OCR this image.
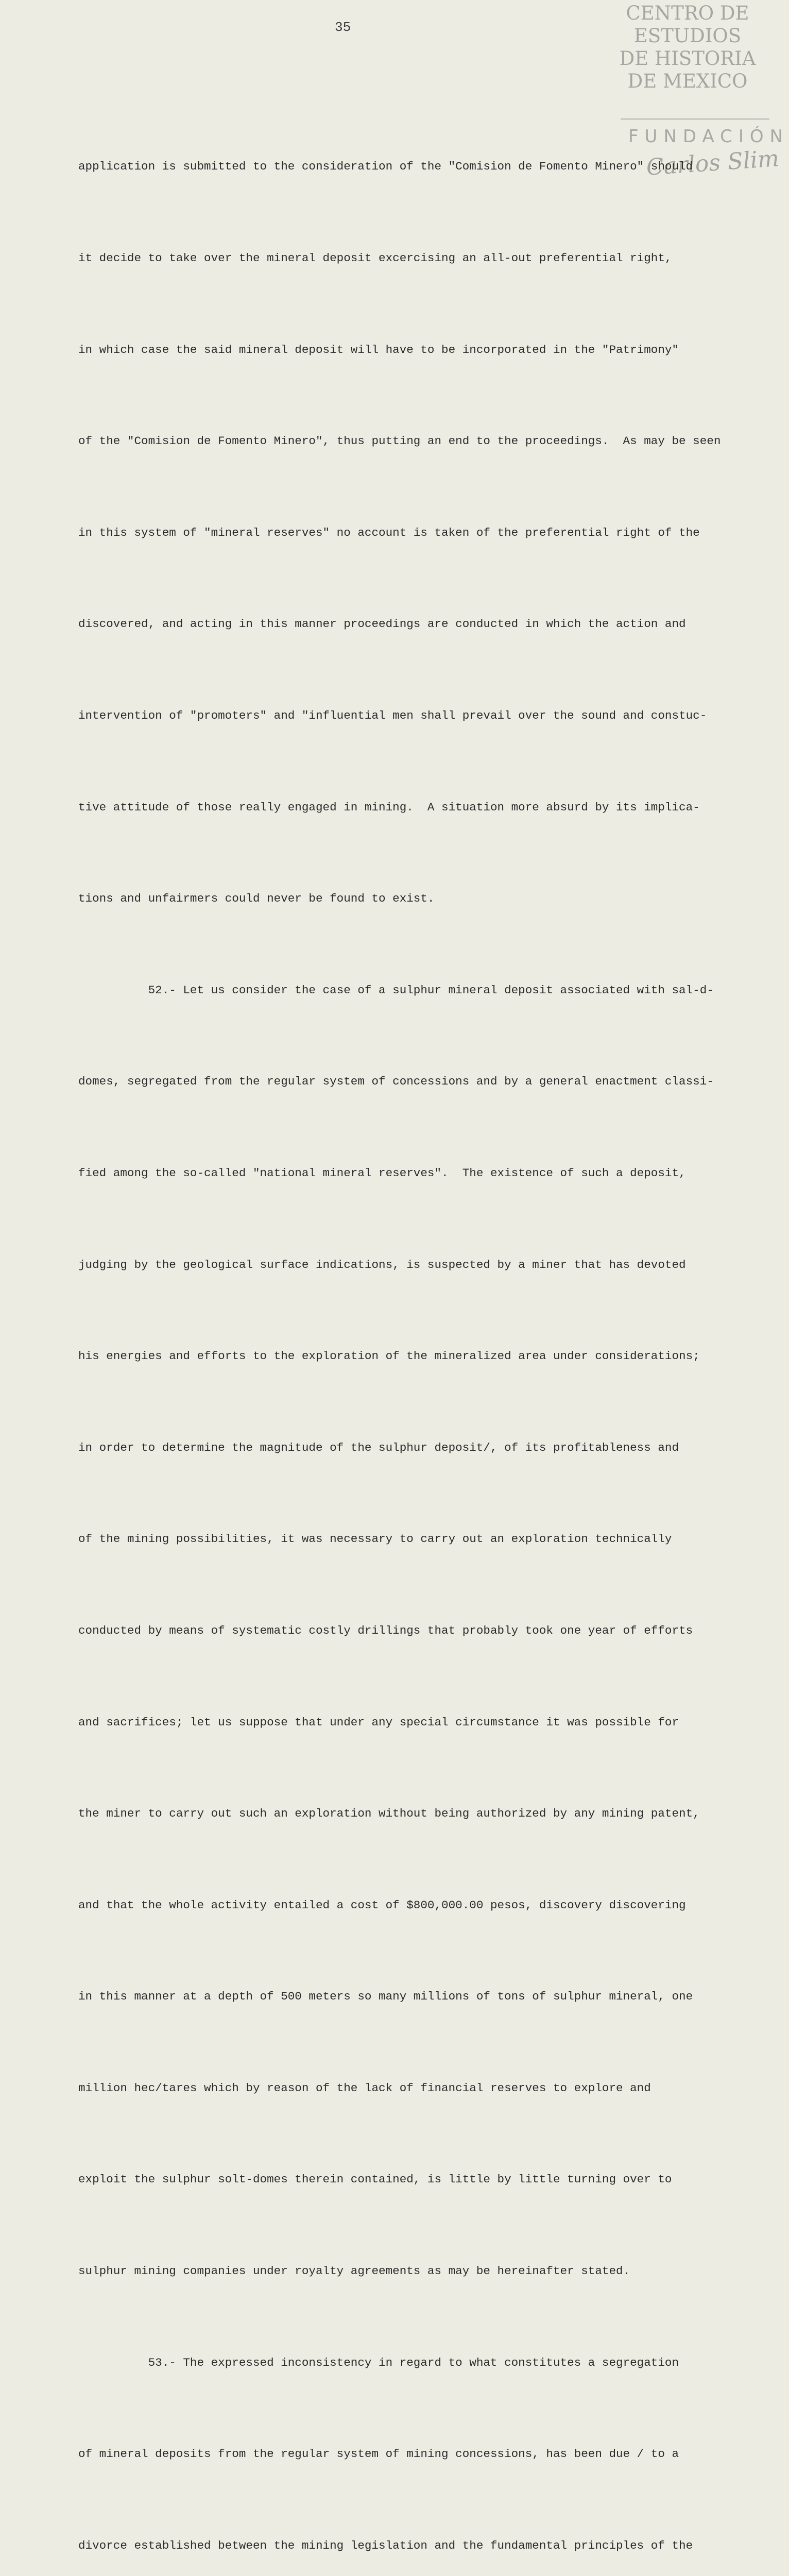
35
CENTRO DE
ESTUDIOS
DE HISTORIA
DE MEXICO
FUNDACIÓN
Carlos Slim

application is submitted to the consideration of the "Comision de Fomento Minero" should

it decide to take over the mineral deposit excercising an all-out preferential right,

in which case the said mineral deposit will have to be incorporated in the "Patrimony"

of the "Comision de Fomento Minero", thus putting an end to the proceedings.  As may be seen

in this system of "mineral reserves" no account is taken of the preferential right of the

discovered, and acting in this manner proceedings are conducted in which the action and

intervention of "promoters" and "influential men shall prevail over the sound and constuc-

tive attitude of those really engaged in mining.  A situation more absurd by its implica-

tions and unfairmers could never be found to exist.

52.- Let us consider the case of a sulphur mineral deposit associated with sal-d-

domes, segregated from the regular system of concessions and by a general enactment classi-

fied among the so-called "national mineral reserves".  The existence of such a deposit,

judging by the geological surface indications, is suspected by a miner that has devoted

his energies and efforts to the exploration of the mineralized area under considerations;

in order to determine the magnitude of the sulphur deposit/, of its profitableness and

of the mining possibilities, it was necessary to carry out an exploration technically

conducted by means of systematic costly drillings that probably took one year of efforts

and sacrifices; let us suppose that under any special circumstance it was possible for

the miner to carry out such an exploration without being authorized by any mining patent,

and that the whole activity entailed a cost of $800,000.00 pesos, discovery discovering

in this manner at a depth of 500 meters so many millions of tons of sulphur mineral, one

million hec/tares which by reason of the lack of financial reserves to explore and

exploit the sulphur solt-domes therein contained, is little by little turning over to

sulphur mining companies under royalty agreements as may be hereinafter stated.

53.- The expressed inconsistency in regard to what constitutes a segregation

of mineral deposits from the regular system of mining concessions, has been due / to a

divorce established between the mining legislation and the fundamental principles of the
